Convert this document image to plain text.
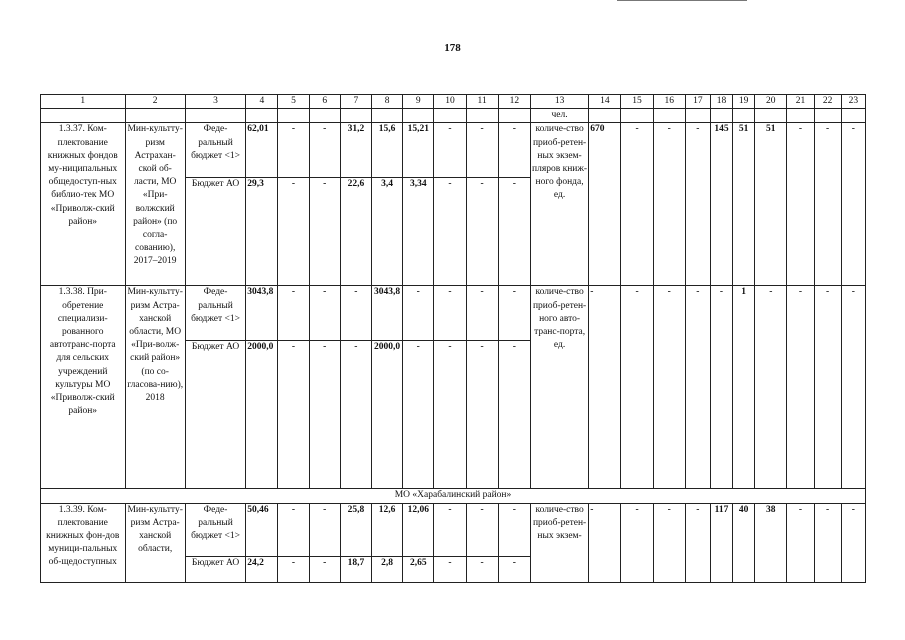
178
1	2	3	4	5	6	7	8	9	10	11	12	13	14	15	16	17	18	19	20	21	22	23
												чел.										
1.3.37. Ком-плектование книжных фондов му-ниципальных общедоступ-ных библио-тек МО «Приволж-ский район»	Мин-культту-ризм Астрахан-ской об-ласти, МО «При-волжский район» (по согла-сованию), 2017–2019	Феде-ральный бюджет <1>	62,01	-	-	31,2	15,6	15,21	-	-	-	количе-ство приоб-ретен-ных экзем-пляров книж-ного фонда, ед.	670	-	-	-	145	51	51	-	-	-
		Бюджет АО	29,3	-	-	22,6	3,4	3,34	-	-	-											
1.3.38. При-обретение специализи-рованного автотранс-порта для сельских учреждений культуры МО «Приволж-ский район»	Мин-культту-ризм Астра-ханской области, МО «При-волж-ский район» (по со-гласова-нию), 2018	Феде-ральный бюджет <1>	3043,8	-	-	-	3043,8	-	-	-	-	количе-ство приоб-ретен-ного авто-транс-порта, ед.	-	-	-	-	-	1	-	-	-	-
		Бюджет АО	2000,0	-	-	-	2000,0	-	-	-	-											
МО «Харабалинский район»																						
1.3.39. Ком-плектование книжных фон-дов муници-пальных об-щедоступных	Мин-культту-ризм Астра-ханской области,	Феде-ральный бюджет <1>	50,46	-	-	25,8	12,6	12,06	-	-	-	количе-ство приоб-ретен-ных экзем-	-	-	-	-	117	40	38	-	-	-
		Бюджет АО	24,2	-	-	18,7	2,8	2,65	-	-	-											
